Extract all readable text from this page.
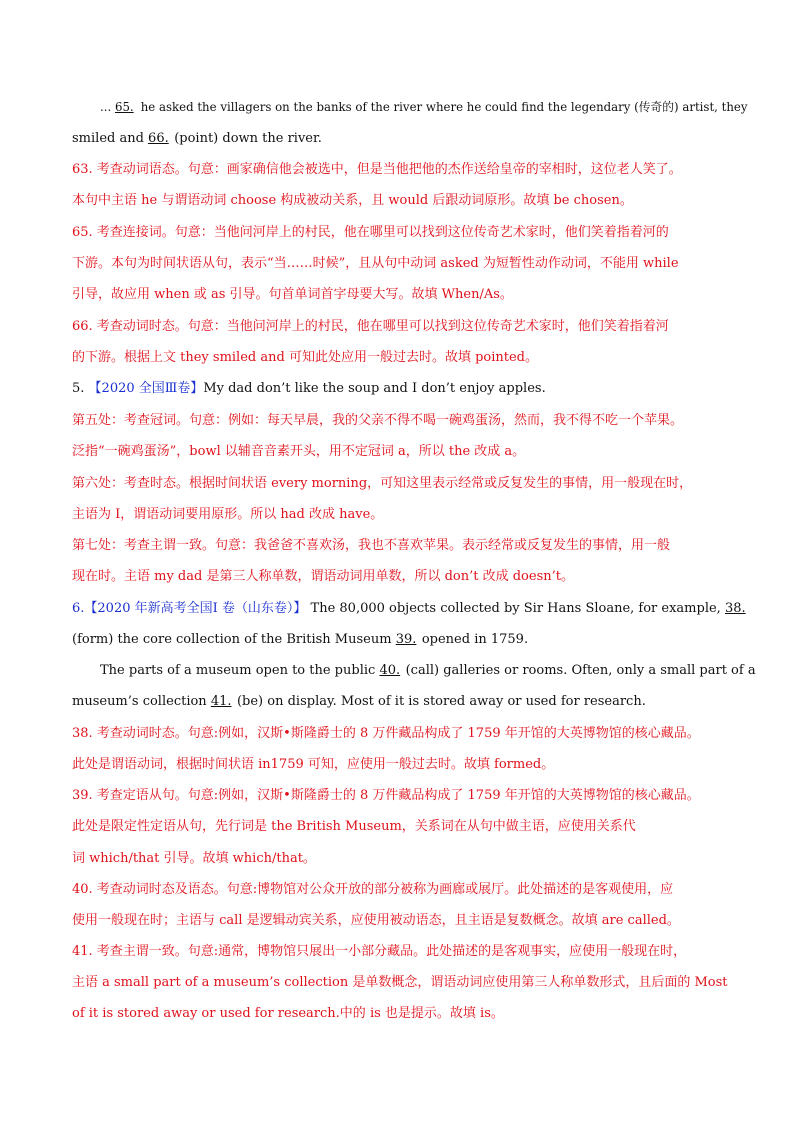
... 65. he asked the villagers on the banks of the river where he could find the legendary (传奇的) artist, they
smiled and 66. (point) down the river.
63. 考查动词语态。句意：画家确信他会被选中，但是当他把他的杰作送给皇帝的宰相时，这位老人笑了。
本句中主语 he 与谓语动词 choose 构成被动关系，且 would 后跟动词原形。故填 be chosen。
65. 考查连接词。句意：当他问河岸上的村民，他在哪里可以找到这位传奇艺术家时，他们笑着指着河的
下游。本句为时间状语从句，表示“当……时候”，且从句中动词 asked 为短暂性动作动词，不能用 while
引导，故应用 when 或 as 引导。句首单词首字母要大写。故填 When/As。
66. 考查动词时态。句意：当他问河岸上的村民，他在哪里可以找到这位传奇艺术家时，他们笑着指着河
的下游。根据上文 they smiled and 可知此处应用一般过去时。故填 pointed。
5. 【2020 全国Ⅲ卷】My dad don’t like the soup and I don’t enjoy apples.
第五处：考查冠词。句意：例如：每天早晨，我的父亲不得不喝一碗鸡蛋汤，然而，我不得不吃一个苹果。
泛指“一碗鸡蛋汤”，bowl 以辅音音素开头，用不定冠词 a，所以 the 改成 a。
第六处：考查时态。根据时间状语 every morning，可知这里表示经常或反复发生的事情，用一般现在时，
主语为 I，谓语动词要用原形。所以 had 改成 have。
第七处：考查主谓一致。句意：我爸爸不喜欢汤，我也不喜欢苹果。表示经常或反复发生的事情，用一般
现在时。主语 my dad 是第三人称单数，谓语动词用单数，所以 don’t 改成 doesn’t。
6.【2020 年新高考全国Ⅰ 卷（山东卷）】 The 80,000 objects collected by Sir Hans Sloane, for example, 38.
(form) the core collection of the British Museum 39. opened in 1759.
The parts of a museum open to the public 40. (call) galleries or rooms. Often, only a small part of a
museum’s collection 41. (be) on display. Most of it is stored away or used for research.
38. 考查动词时态。句意:例如，汉斯•斯隆爵士的 8 万件藏品构成了 1759 年开馆的大英博物馆的核心藏品。
此处是谓语动词，根据时间状语 in1759 可知，应使用一般过去时。故填 formed。
39. 考查定语从句。句意:例如，汉斯•斯隆爵士的 8 万件藏品构成了 1759 年开馆的大英博物馆的核心藏品。
此处是限定性定语从句，先行词是 the British Museum，关系词在从句中做主语，应使用关系代
词 which/that 引导。故填 which/that。
40. 考查动词时态及语态。句意:博物馆对公众开放的部分被称为画廊或展厅。此处描述的是客观使用，应
使用一般现在时；主语与 call 是逻辑动宾关系，应使用被动语态，且主语是复数概念。故填 are called。
41. 考查主谓一致。句意:通常，博物馆只展出一小部分藏品。此处描述的是客观事实，应使用一般现在时，
主语 a small part of a museum’s collection 是单数概念，谓语动词应使用第三人称单数形式，且后面的 Most
of it is stored away or used for research.中的 is 也是提示。故填 is。
